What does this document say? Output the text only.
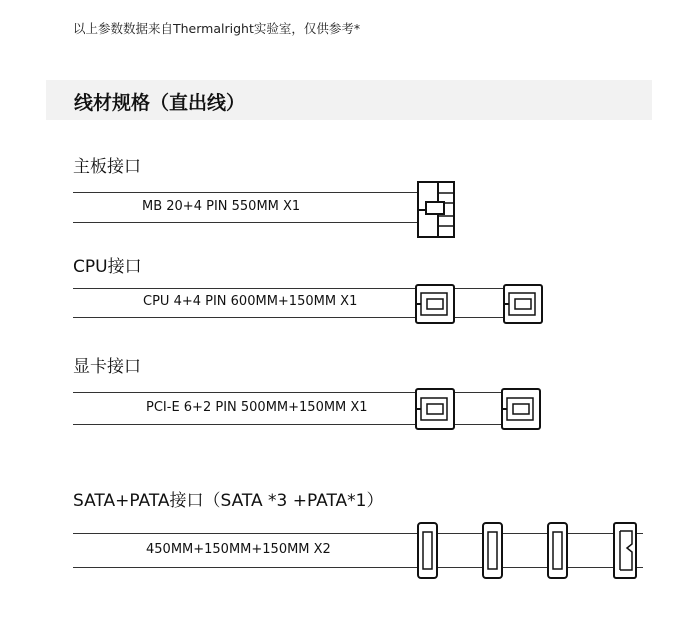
以上参数数据来自Thermalright实验室，仅供参考*
线材规格（直出线）
主板接口
MB 20+4 PIN 550MM X1
CPU接口
CPU 4+4 PIN 600MM+150MM X1
显卡接口
PCI-E 6+2 PIN 500MM+150MM X1
SATA+PATA接口（SATA *3 +PATA*1）
450MM+150MM+150MM X2
